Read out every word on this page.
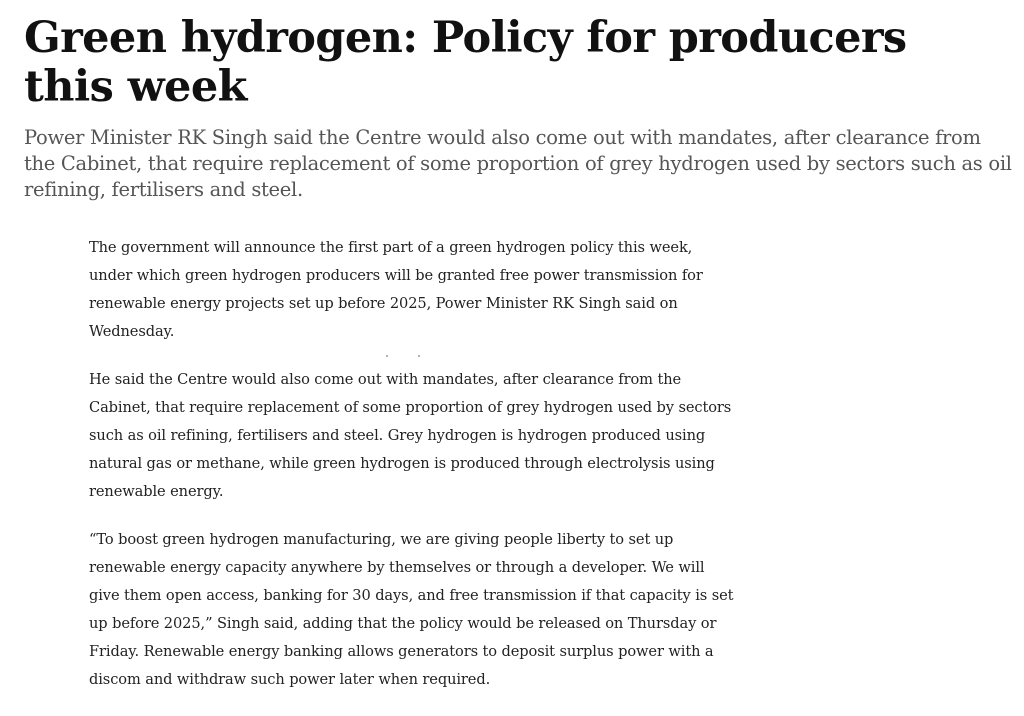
Green hydrogen: Policy for producers this week

Power Minister RK Singh said the Centre would also come out with mandates, after clearance from the Cabinet, that require replacement of some proportion of grey hydrogen used by sectors such as oil refining, fertilisers and steel.

The government will announce the first part of a green hydrogen policy this week, under which green hydrogen producers will be granted free power transmission for renewable energy projects set up before 2025, Power Minister RK Singh said on Wednesday.

He said the Centre would also come out with mandates, after clearance from the Cabinet, that require replacement of some proportion of grey hydrogen used by sectors such as oil refining, fertilisers and steel. Grey hydrogen is hydrogen produced using natural gas or methane, while green hydrogen is produced through electrolysis using renewable energy.

“To boost green hydrogen manufacturing, we are giving people liberty to set up renewable energy capacity anywhere by themselves or through a developer. We will give them open access, banking for 30 days, and free transmission if that capacity is set up before 2025,” Singh said, adding that the policy would be released on Thursday or Friday. Renewable energy banking allows generators to deposit surplus power with a discom and withdraw such power later when required.
